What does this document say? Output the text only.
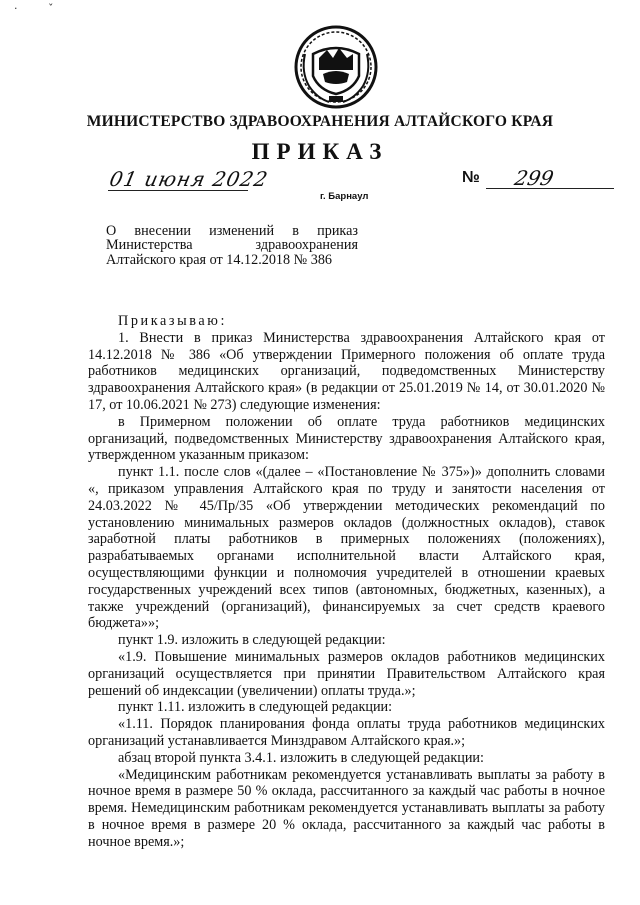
·	ˇ
МИНИСТЕРСТВО ЗДРАВООХРАНЕНИЯ АЛТАЙСКОГО КРАЯ
ПРИКАЗ
01 июня 2022
г. Барнаул
№ 299
О внесении изменений в приказ
Министерства здравоохранения
Алтайского края от 14.12.2018 № 386

Приказываю:

1. Внести в приказ Министерства здравоохранения Алтайского края от 14.12.2018 № 386 «Об утверждении Примерного положения об оплате труда работников медицинских организаций, подведомственных Министерству здравоохранения Алтайского края» (в редакции от 25.01.2019 № 14, от 30.01.2020 № 17, от 10.06.2021 № 273) следующие изменения:

в Примерном положении об оплате труда работников медицинских организаций, подведомственных Министерству здравоохранения Алтайского края, утвержденном указанным приказом:

пункт 1.1. после слов «(далее – «Постановление № 375»)» дополнить словами «, приказом управления Алтайского края по труду и занятости населения от 24.03.2022 № 45/Пр/35 «Об утверждении методических рекомендаций по установлению минимальных размеров окладов (должностных окладов), ставок заработной платы работников в примерных положениях (положениях), разрабатываемых органами исполнительной власти Алтайского края, осуществляющими функции и полномочия учредителей в отношении краевых государственных учреждений всех типов (автономных, бюджетных, казенных), а также учреждений (организаций), финансируемых за счет средств краевого бюджета»»;

пункт 1.9. изложить в следующей редакции:

«1.9. Повышение минимальных размеров окладов работников медицинских организаций осуществляется при принятии Правительством Алтайского края решений об индексации (увеличении) оплаты труда.»;

пункт 1.11. изложить в следующей редакции:

«1.11. Порядок планирования фонда оплаты труда работников медицинских организаций устанавливается Минздравом Алтайского края.»;

абзац второй пункта 3.4.1. изложить в следующей редакции:

«Медицинским работникам рекомендуется устанавливать выплаты за работу в ночное время в размере 50 % оклада, рассчитанного за каждый час работы в ночное время. Немедицинским работникам рекомендуется устанавливать выплаты за работу в ночное время в размере 20 % оклада, рассчитанного за каждый час работы в ночное время.»;
